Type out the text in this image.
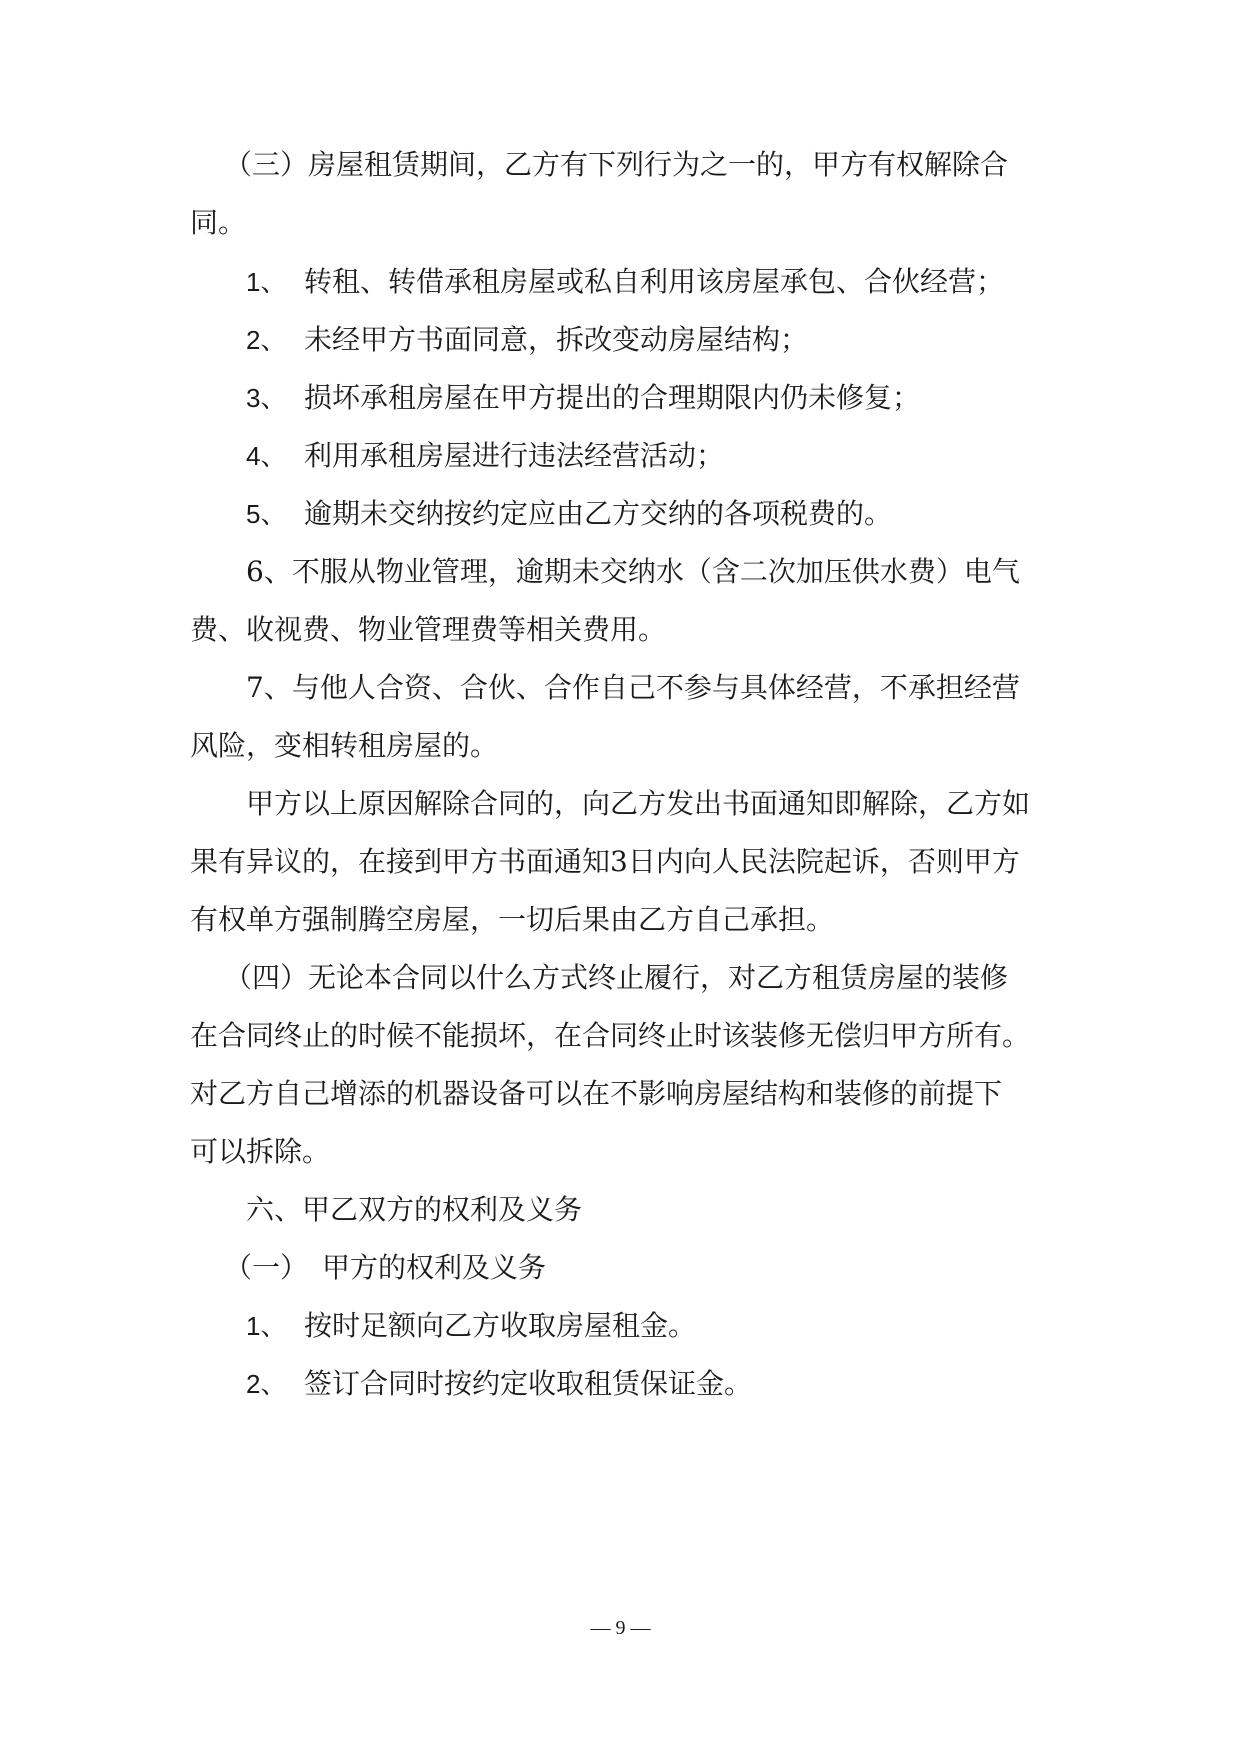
（三）房屋租赁期间，乙方有下列行为之一的，甲方有权解除合
同。
1、 转租、转借承租房屋或私自利用该房屋承包、合伙经营；
2、 未经甲方书面同意，拆改变动房屋结构；
3、 损坏承租房屋在甲方提出的合理期限内仍未修复；
4、 利用承租房屋进行违法经营活动；
5、 逾期未交纳按约定应由乙方交纳的各项税费的。
6、不服从物业管理，逾期未交纳水（含二次加压供水费）电气
费、收视费、物业管理费等相关费用。
7、与他人合资、合伙、合作自己不参与具体经营，不承担经营
风险，变相转租房屋的。
甲方以上原因解除合同的，向乙方发出书面通知即解除，乙方如
果有异议的，在接到甲方书面通知3日内向人民法院起诉，否则甲方
有权单方强制腾空房屋，一切后果由乙方自己承担。
（四）无论本合同以什么方式终止履行，对乙方租赁房屋的装修
在合同终止的时候不能损坏，在合同终止时该装修无偿归甲方所有。
对乙方自己增添的机器设备可以在不影响房屋结构和装修的前提下
可以拆除。
六、甲乙双方的权利及义务
（一）　甲方的权利及义务
1、 按时足额向乙方收取房屋租金。
2、 签订合同时按约定收取租赁保证金。
— 9 —
